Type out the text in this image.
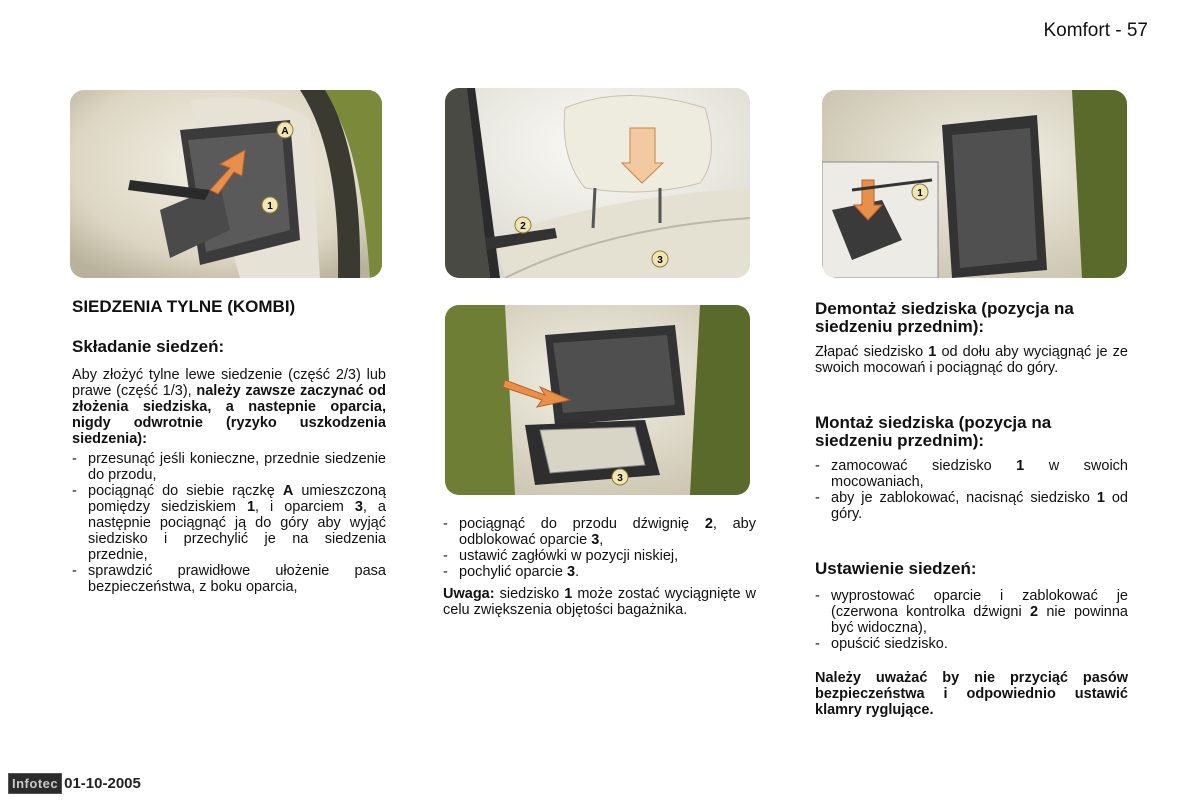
Komfort - 57
A
1
2
3
3
1
SIEDZENIA TYLNE (KOMBI)
Składanie siedzeń:

Aby złożyć tylne lewe siedzenie (część 2/3) lub prawe (część 1/3), należy zawsze zaczynać od złożenia siedziska, a nastepnie oparcia, nigdy odwrotnie (ryzyko uszkodzenia siedzenia):

- przesunąć jeśli konieczne, przednie siedzenie do przodu,
- pociągnąć do siebie rączkę A umieszczoną pomiędzy siedziskiem 1, i oparciem 3, a następnie pociągnąć ją do góry aby wyjąć siedzisko i przechylić je na siedzenia przednie,
- sprawdzić prawidłowe ułożenie pasa bezpieczeństwa, z boku oparcia,
- pociągnąć do przodu dźwignię 2, aby odblokować oparcie 3,
- ustawić zagłówki w pozycji niskiej,
- pochylić oparcie 3.

Uwaga: siedzisko 1 może zostać wyciągnięte w celu zwiększenia objętości bagażnika.

Demontaż siedziska (pozycja na siedzeniu przednim):

Złapać siedzisko 1 od dołu aby wyciągnąć je ze swoich mocowań i pociągnąć do góry.

Montaż siedziska (pozycja na siedzeniu przednim):
- zamocować siedzisko 1 w swoich mocowaniach,
- aby je zablokować, nacisnąć siedzisko 1 od góry.
Ustawienie siedzeń:
- wyprostować oparcie i zablokować je (czerwona kontrolka dźwigni 2 nie powinna być widoczna),
- opuścić siedzisko.

Należy uważać by nie przyciąć pasów bezpieczeństwa i odpowiednio ustawić klamry ryglujące.

Infotec 01-10-2005
